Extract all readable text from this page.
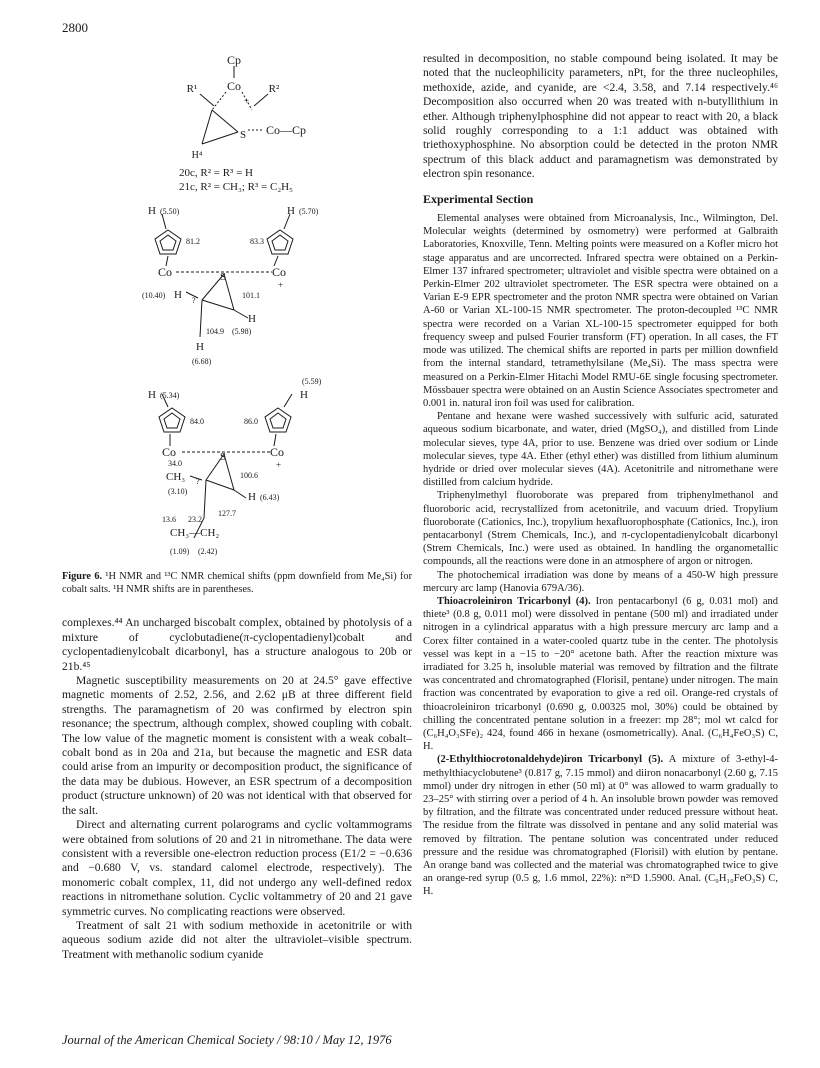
2800
Cp
Co
R¹	R²
+
S Co—Cp
H⁴
20c, R² = R³ = H
21c, R² = CH₃; R³ = C₂H₅
H (5.50)	H (5.70)
81.2	83.3
Co	S	Co
+
(10.40) H ?
101.1
H
104.9 (5.98)
H
(6.68)
(5.59)
H
H (5.34)
84.0	86.0
Co	S	Co
+
34.0
CH₃ ?
100.6
(3.10)	H (6.43)
13.6 23.2
127.7
CH₃—CH₂
(1.09) (2.42)
Figure 6. ¹H NMR and ¹³C NMR chemical shifts (ppm downfield from Me₄Si) for cobalt salts. ¹H NMR shifts are in parentheses.

complexes.⁴⁴ An uncharged biscobalt complex, obtained by photolysis of a mixture of cyclobutadiene(π-cyclopentadienyl)cobalt and cyclopentadienylcobalt dicarbonyl, has a structure analogous to 20b or 21b.⁴⁵

Magnetic susceptibility measurements on 20 at 24.5° gave effective magnetic moments of 2.52, 2.56, and 2.62 μB at three different field strengths. The paramagnetism of 20 was confirmed by electron spin resonance; the spectrum, although complex, showed coupling with cobalt. The low value of the magnetic moment is consistent with a weak cobalt–cobalt bond as in 20a and 21a, but because the magnetic and ESR data could arise from an impurity or decomposition product, the significance of the data may be dubious. However, an ESR spectrum of a decomposition product (structure unknown) of 20 was not identical with that observed for the salt.

Direct and alternating current polarograms and cyclic voltammograms were obtained from solutions of 20 and 21 in nitromethane. The data were consistent with a reversible one-electron reduction process (E1/2 = −0.636 and −0.680 V, vs. standard calomel electrode, respectively). The monomeric cobalt complex, 11, did not undergo any well-defined redox reactions in nitromethane solution. Cyclic voltammetry of 20 and 21 gave symmetric curves. No complicating reactions were observed.

Treatment of salt 21 with sodium methoxide in acetonitrile or with aqueous sodium azide did not alter the ultraviolet–visible spectrum. Treatment with methanolic sodium cyanide

resulted in decomposition, no stable compound being isolated. It may be noted that the nucleophilicity parameters, nPt, for the three nucleophiles, methoxide, azide, and cyanide, are <2.4, 3.58, and 7.14 respectively.⁴⁶ Decomposition also occurred when 20 was treated with n-butyllithium in ether. Although triphenylphosphine did not appear to react with 20, a black solid roughly corresponding to a 1:1 adduct was obtained with triethoxyphosphine. No absorption could be detected in the proton NMR spectrum of this black adduct and paramagnetism was demonstrated by electron spin resonance.

Experimental Section

Elemental analyses were obtained from Microanalysis, Inc., Wilmington, Del. Molecular weights (determined by osmometry) were performed at Galbraith Laboratories, Knoxville, Tenn. Melting points were measured on a Kofler micro hot stage apparatus and are uncorrected. Infrared spectra were obtained on a Perkin-Elmer 137 infrared spectrometer; ultraviolet and visible spectra were obtained on a Perkin-Elmer 202 ultraviolet spectrometer. The ESR spectra were obtained on a Varian E-9 EPR spectrometer and the proton NMR spectra were obtained on Varian A-60 or Varian XL-100-15 NMR spectrometer. The proton-decoupled ¹³C NMR spectra were recorded on a Varian XL-100-15 spectrometer equipped for both frequency sweep and pulsed Fourier transform (FT) operation. In all cases, the FT mode was utilized. The chemical shifts are reported in parts per million downfield from the internal standard, tetramethylsilane (Me₄Si). The mass spectra were measured on a Perkin-Elmer Hitachi Model RMU-6E single focusing spectrometer. Mössbauer spectra were obtained on an Austin Science Associates spectrometer and 0.001 in. natural iron foil was used for calibration.

Pentane and hexane were washed successively with sulfuric acid, saturated aqueous sodium bicarbonate, and water, dried (MgSO₄), and distilled from Linde molecular sieves, type 4A, prior to use. Benzene was dried over sodium or Linde molecular sieves, type 4A. Ether (ethyl ether) was distilled from lithium aluminum hydride or dried over molecular sieves (4A). Acetonitrile and nitromethane were distilled from calcium hydride.

Triphenylmethyl fluoroborate was prepared from triphenylmethanol and fluoroboric acid, recrystallized from acetonitrile, and vacuum dried. Tropylium fluoroborate (Cationics, Inc.), tropylium hexafluorophosphate (Cationics, Inc.), iron pentacarbonyl (Strem Chemicals, Inc.), and π-cyclopentadienylcobalt dicarbonyl (Strem Chemicals, Inc.) were used as obtained. In handling the organometallic compounds, all the reactions were done in an atmosphere of argon or nitrogen.

The photochemical irradiation was done by means of a 450-W high pressure mercury arc lamp (Hanovia 679A/36).

Thioacroleiniron Tricarbonyl (4). Iron pentacarbonyl (6 g, 0.031 mol) and thiete³ (0.8 g, 0.011 mol) were dissolved in pentane (500 ml) and irradiated under nitrogen in a cylindrical apparatus with a high pressure mercury arc lamp and a Corex filter contained in a water-cooled quartz tube in the center. The photolysis vessel was kept in a −15 to −20° acetone bath. After the reaction mixture was irradiated for 3.25 h, insoluble material was removed by filtration and the filtrate was concentrated and chromatographed (Florisil, pentane) under nitrogen. The main fraction was concentrated by evaporation to give a red oil. Orange-red crystals of thioacroleiniron tricarbonyl (0.690 g, 0.00325 mol, 30%) could be obtained by chilling the concentrated pentane solution in a freezer: mp 28°; mol wt calcd for (C₆H₄O₃SFe)₂ 424, found 466 in hexane (osmometrically). Anal. (C₆H₄FeO₃S) C, H.

(2-Ethylthiocrotonaldehyde)iron Tricarbonyl (5). A mixture of 3-ethyl-4-methylthiacyclobutene³ (0.817 g, 7.15 mmol) and diiron nonacarbonyl (2.60 g, 7.15 mmol) under dry nitrogen in ether (50 ml) at 0° was allowed to warm gradually to 23–25° with stirring over a period of 4 h. An insoluble brown powder was removed by filtration, and the filtrate was concentrated under reduced pressure without heat. The residue from the filtrate was dissolved in pentane and any solid material was removed by filtration. The pentane solution was concentrated under reduced pressure and the residue was chromatographed (Florisil) with elution by pentane. An orange band was collected and the material was chromatographed twice to give an orange-red syrup (0.5 g, 1.6 mmol, 22%): n²⁶D 1.5900. Anal. (C₉H₁₀FeO₃S) C, H.

Journal of the American Chemical Society / 98:10 / May 12, 1976
